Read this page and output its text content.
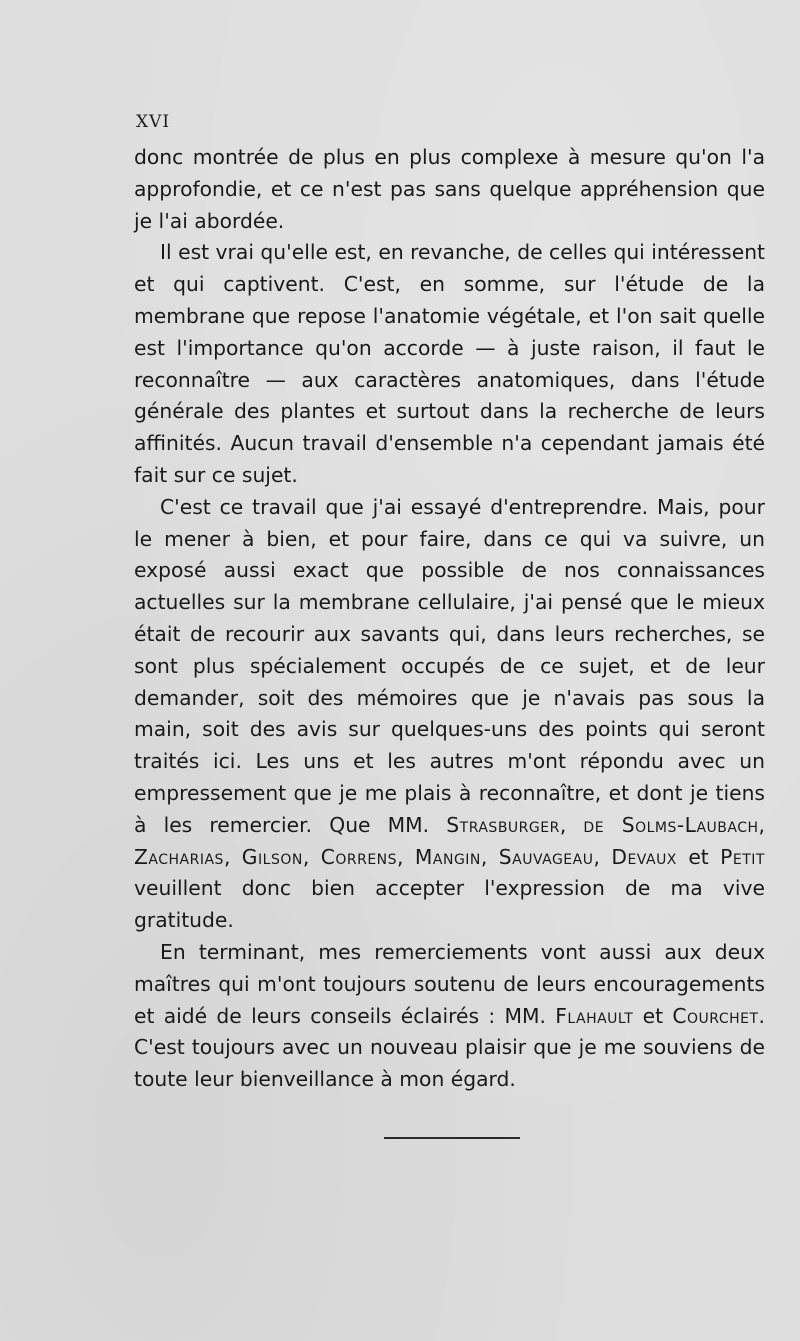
XVI

donc montrée de plus en plus complexe à mesure qu'on l'a approfondie, et ce n'est pas sans quelque appréhension que je l'ai abordée.

Il est vrai qu'elle est, en revanche, de celles qui intéressent et qui captivent. C'est, en somme, sur l'étude de la membrane que repose l'anatomie végétale, et l'on sait quelle est l'importance qu'on accorde — à juste raison, il faut le reconnaître — aux caractères anatomiques, dans l'étude générale des plantes et surtout dans la recherche de leurs affinités. Aucun travail d'ensemble n'a cependant jamais été fait sur ce sujet.

C'est ce travail que j'ai essayé d'entreprendre. Mais, pour le mener à bien, et pour faire, dans ce qui va suivre, un exposé aussi exact que possible de nos connaissances actuelles sur la membrane cellulaire, j'ai pensé que le mieux était de recourir aux savants qui, dans leurs recherches, se sont plus spécialement occupés de ce sujet, et de leur demander, soit des mémoires que je n'avais pas sous la main, soit des avis sur quelques-uns des points qui seront traités ici. Les uns et les autres m'ont répondu avec un empressement que je me plais à reconnaître, et dont je tiens à les remercier. Que MM. Strasburger, de Solms-Laubach, Zacharias, Gilson, Correns, Mangin, Sauvageau, Devaux et Petit veuillent donc bien accepter l'expression de ma vive gratitude.

En terminant, mes remerciements vont aussi aux deux maîtres qui m'ont toujours soutenu de leurs encouragements et aidé de leurs conseils éclairés : MM. Flahault et Courchet. C'est toujours avec un nouveau plaisir que je me souviens de toute leur bienveillance à mon égard.
